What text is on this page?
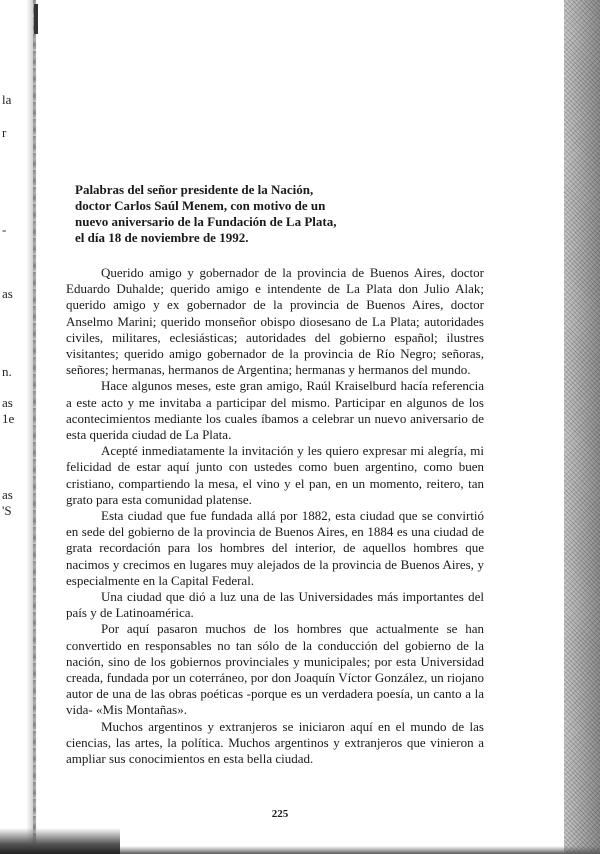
la
r
-
as
n.
as
1e
as
'S
Palabras del señor presidente de la Nación,
doctor Carlos Saúl Menem, con motivo de un
nuevo aniversario de la Fundación de La Plata,
el día 18 de noviembre de 1992.

Querido amigo y gobernador de la provincia de Buenos Aires, doctor Eduardo Duhalde; querido amigo e intendente de La Plata don Julio Alak; querido amigo y ex gobernador de la provincia de Buenos Aires, doctor Anselmo Marini; querido monseñor obispo diosesano de La Plata; autoridades civiles, militares, eclesiásticas; autoridades del gobierno español; ilustres visitantes; querido amigo gobernador de la provincia de Río Negro; señoras, señores; hermanas, hermanos de Argentina; hermanas y hermanos del mundo.

Hace algunos meses, este gran amigo, Raúl Kraiselburd hacía referencia a este acto y me invitaba a participar del mismo. Participar en algunos de los acontecimientos mediante los cuales íbamos a celebrar un nuevo aniversario de esta querida ciudad de La Plata.

Acepté inmediatamente la invitación y les quiero expresar mi alegría, mi felicidad de estar aquí junto con ustedes como buen argentino, como buen cristiano, compartiendo la mesa, el vino y el pan, en un momento, reitero, tan grato para esta comunidad platense.

Esta ciudad que fue fundada allá por 1882, esta ciudad que se convirtió en sede del gobierno de la provincia de Buenos Aires, en 1884 es una ciudad de grata recordación para los hombres del interior, de aquellos hombres que nacimos y crecimos en lugares muy alejados de la provincia de Buenos Aires, y especialmente en la Capital Federal.

Una ciudad que dió a luz una de las Universidades más importantes del país y de Latinoamérica.

Por aquí pasaron muchos de los hombres que actualmente se han convertido en responsables no tan sólo de la conducción del gobierno de la nación, sino de los gobiernos provinciales y municipales; por esta Universidad creada, fundada por un coterráneo, por don Joaquín Víctor González, un riojano autor de una de las obras poéticas -porque es un verdadera poesía, un canto a la vida- «Mis Montañas».

Muchos argentinos y extranjeros se iniciaron aquí en el mundo de las ciencias, las artes, la política. Muchos argentinos y extranjeros que vinieron a ampliar sus conocimientos en esta bella ciudad.

225
